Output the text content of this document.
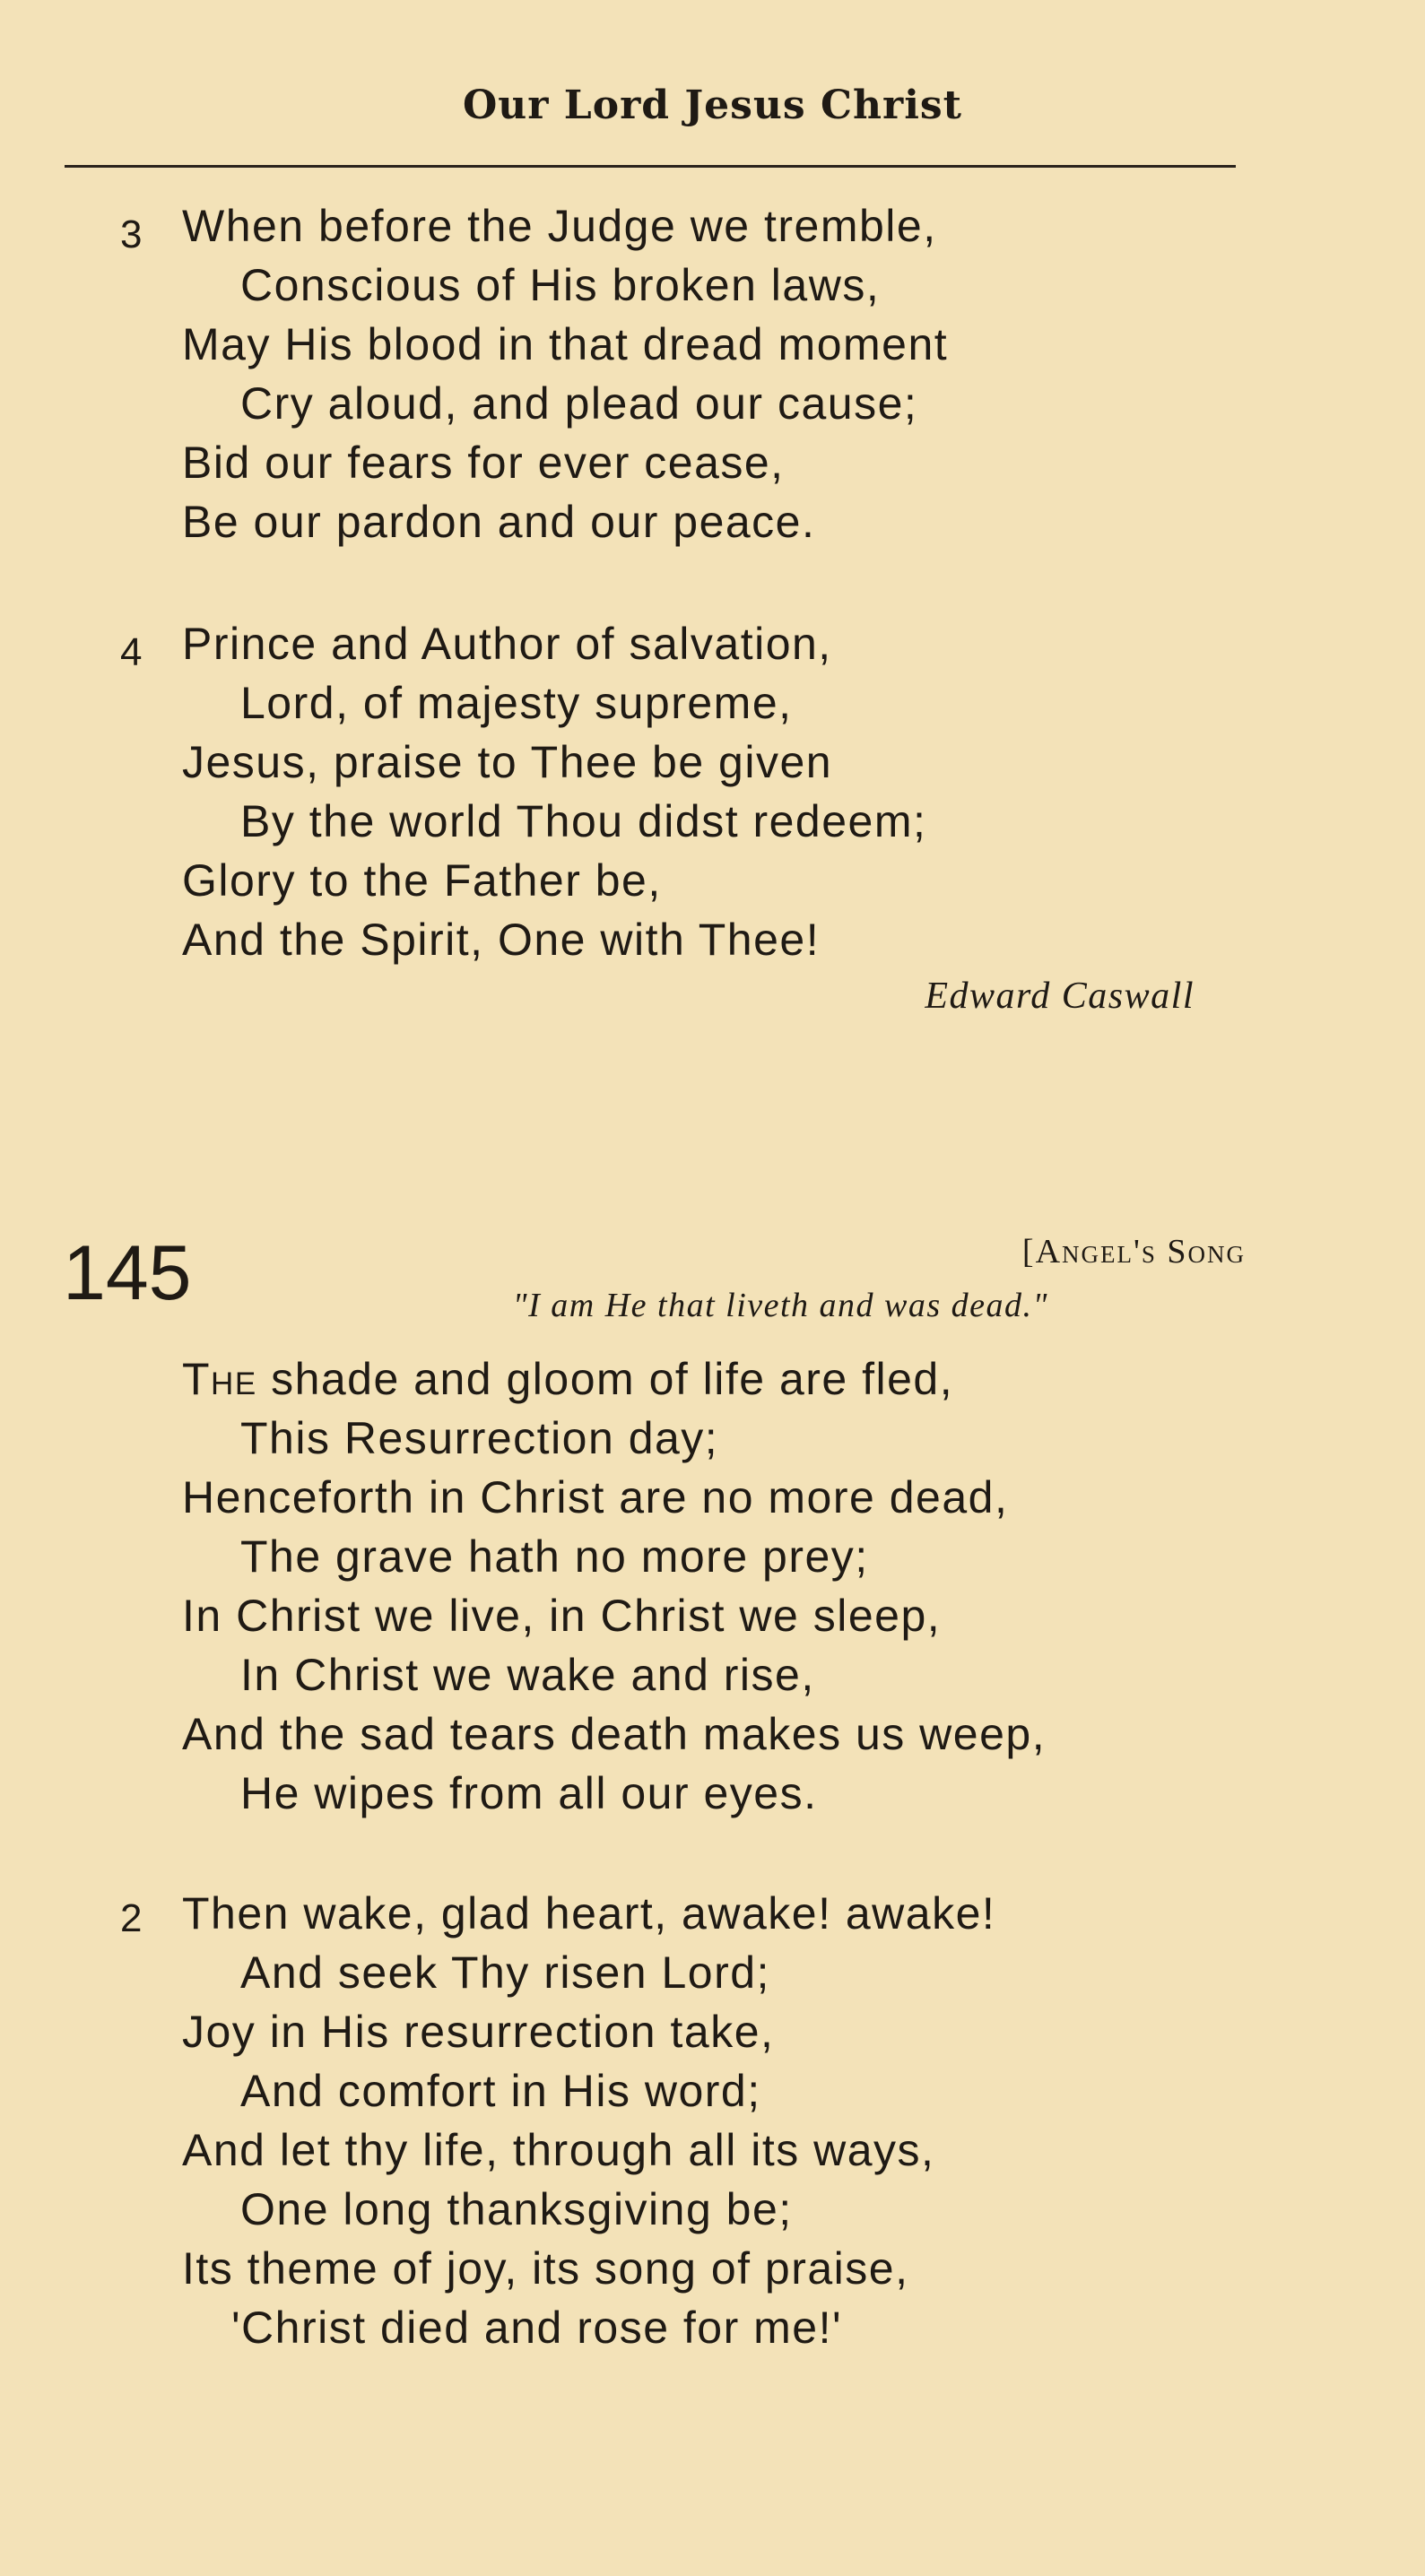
Our Lord Jesus Christ
3 When before the Judge we tremble,
Conscious of His broken laws,
May His blood in that dread moment
Cry aloud, and plead our cause;
Bid our fears for ever cease,
Be our pardon and our peace.
4 Prince and Author of salvation,
Lord, of majesty supreme,
Jesus, praise to Thee be given
By the world Thou didst redeem;
Glory to the Father be,
And the Spirit, One with Thee!
Edward Caswall
145	[Angel's Song
"I am He that liveth and was dead."
The shade and gloom of life are fled,
This Resurrection day;
Henceforth in Christ are no more dead,
The grave hath no more prey;
In Christ we live, in Christ we sleep,
In Christ we wake and rise,
And the sad tears death makes us weep,
He wipes from all our eyes.
2 Then wake, glad heart, awake! awake!
And seek Thy risen Lord;
Joy in His resurrection take,
And comfort in His word;
And let thy life, through all its ways,
One long thanksgiving be;
Its theme of joy, its song of praise,
'Christ died and rose for me!'
